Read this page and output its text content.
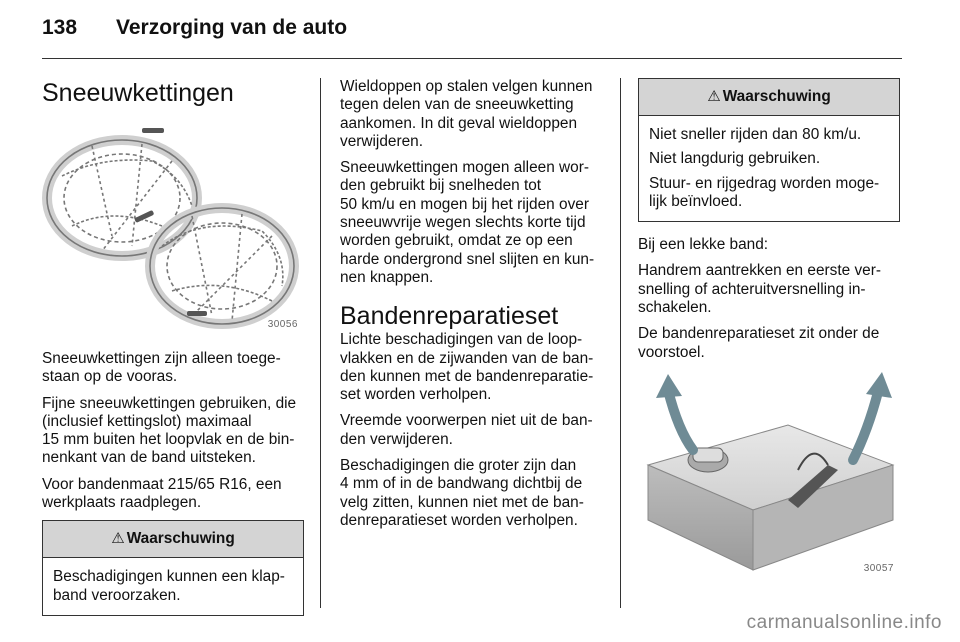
138 Verzorging van de auto
Sneeuwkettingen
30056

Sneeuwkettingen zijn alleen toege-
staan op de vooras.

Fijne sneeuwkettingen gebruiken, die
(inclusief kettingslot) maximaal
15 mm buiten het loopvlak en de bin-
nenkant van de band uitsteken.

Voor bandenmaat 215/65 R16, een
werkplaats raadplegen.

⚠ Waarschuwing

Beschadigingen kunnen een klap-
band veroorzaken.

Wieldoppen op stalen velgen kunnen
tegen delen van de sneeuwketting
aankomen. In dit geval wieldoppen
verwijderen.

Sneeuwkettingen mogen alleen wor-
den gebruikt bij snelheden tot
50 km/u en mogen bij het rijden over
sneeuwvrije wegen slechts korte tijd
worden gebruikt, omdat ze op een
harde ondergrond snel slijten en kun-
nen knappen.

Bandenreparatieset

Lichte beschadigingen van de loop-
vlakken en de zijwanden van de ban-
den kunnen met de bandenreparatie-
set worden verholpen.

Vreemde voorwerpen niet uit de ban-
den verwijderen.

Beschadigingen die groter zijn dan
4 mm of in de bandwang dichtbij de
velg zitten, kunnen niet met de ban-
denreparatieset worden verholpen.

⚠ Waarschuwing

Niet sneller rijden dan 80 km/u.

Niet langdurig gebruiken.

Stuur- en rijgedrag worden moge-
lijk beïnvloed.

Bij een lekke band:

Handrem aantrekken en eerste ver-
snelling of achteruitversnelling in-
schakelen.

De bandenreparatieset zit onder de
voorstoel.

30057
carmanualsonline.info
